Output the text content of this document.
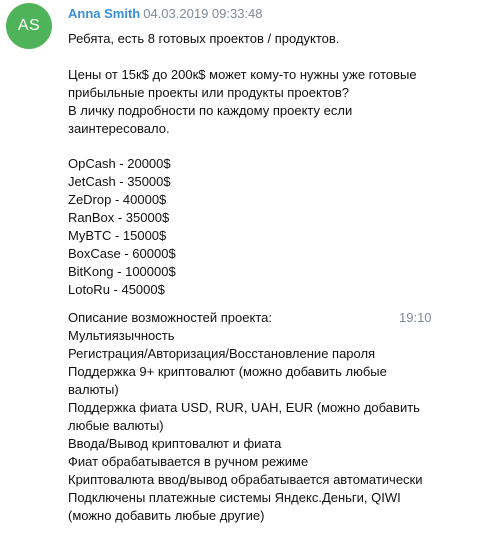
AS
Anna Smith 04.03.2019 09:33:48
Ребята, есть 8 готовых проектов / продуктов.
Цены от 15к$ до 200к$ может кому-то нужны уже готовые
прибыльные проекты или продукты проектов?
В личку подробности по каждому проекту если
заинтересовало.
OpCash - 20000$
JetCash - 35000$
ZeDrop - 40000$
RanBox - 35000$
MyBTC - 15000$
BoxCase - 60000$
BitKong - 100000$
LotoRu - 45000$
19:10
Описание возможностей проекта:
Мультиязычность
Регистрация/Авторизация/Восстановление пароля
Поддержка 9+ криптовалют (можно добавить любые
валюты)
Поддержка фиата USD, RUR, UAH, EUR (можно добавить
любые валюты)
Ввода/Вывод криптовалют и фиата
Фиат обрабатывается в ручном режиме
Криптовалюта ввод/вывод обрабатывается автоматически
Подключены платежные системы Яндекс.Деньги, QIWI
(можно добавить любые другие)
